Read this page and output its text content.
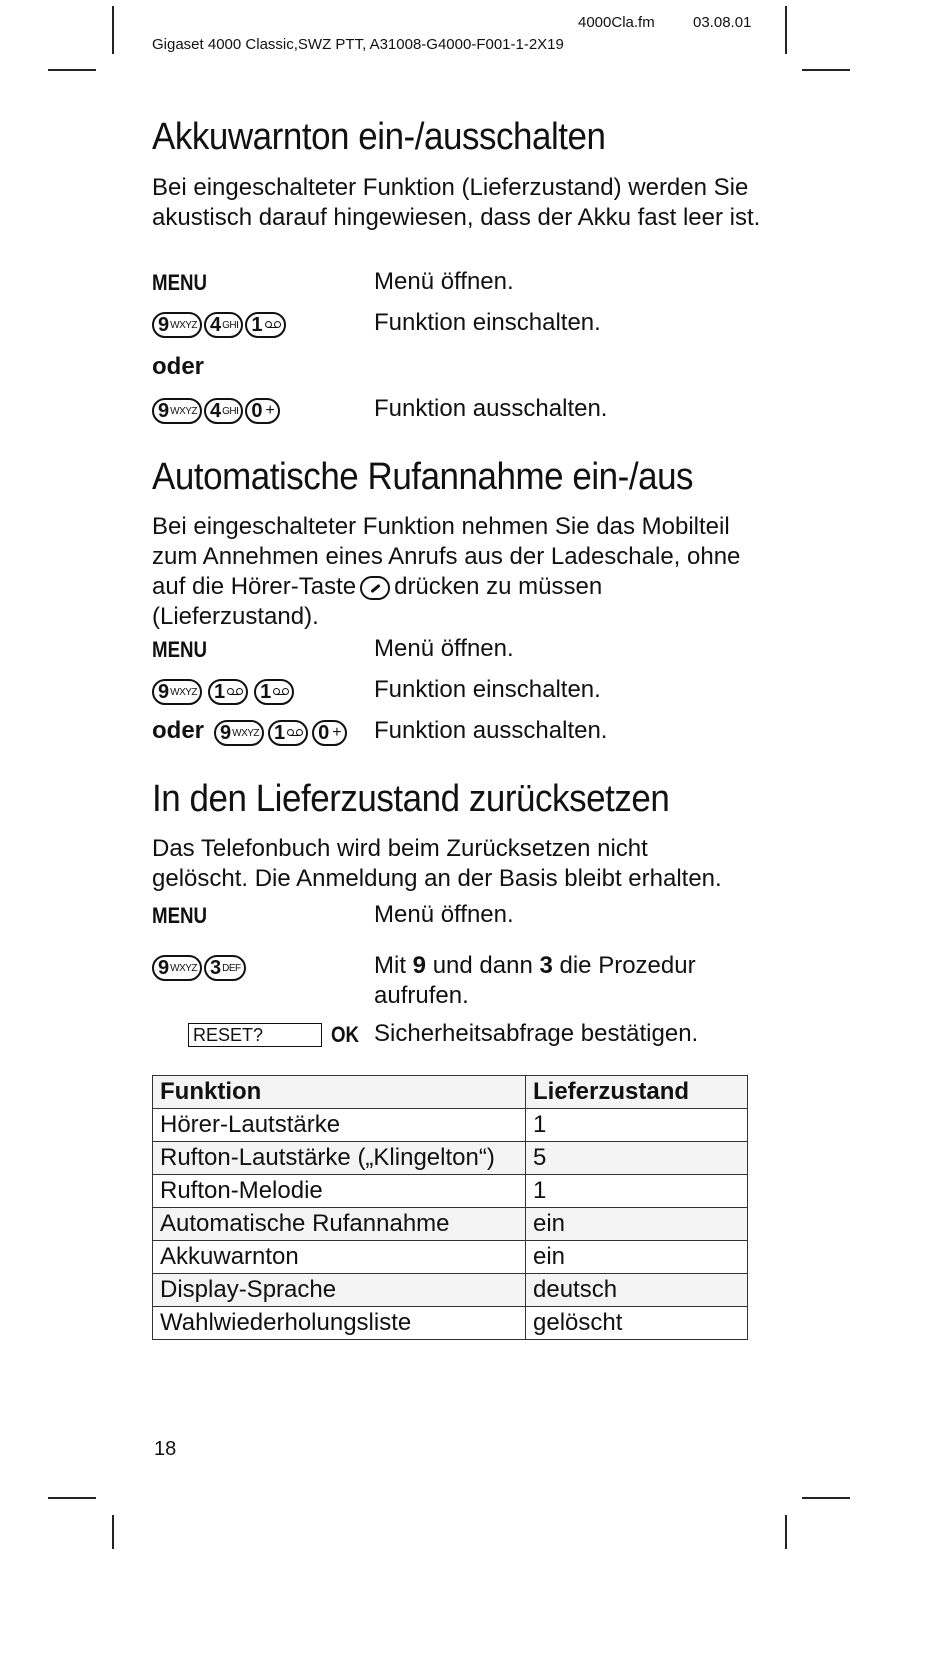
4000Cla.fm	03.08.01
Gigaset 4000 Classic,SWZ PTT, A31008-G4000-F001-1-2X19
Akkuwarnton ein-/ausschalten
Bei eingeschalteter Funktion (Lieferzustand) werden Sie akustisch darauf hingewiesen, dass der Akku fast leer ist.
MENU	Menü öffnen.
9 WXYZ 4 GHI 1	Funktion einschalten.
oder
9 WXYZ 4 GHI 0 +	Funktion ausschalten.
Automatische Rufannahme ein-/aus
Bei eingeschalteter Funktion nehmen Sie das Mobilteil zum Annehmen eines Anrufs aus der Ladeschale, ohne auf die Hörer-Taste drücken zu müssen (Lieferzustand).
MENU	Menü öffnen.
9 WXYZ 1 1	Funktion einschalten.
oder 9 WXYZ 1 0 + Funktion ausschalten.
In den Lieferzustand zurücksetzen
Das Telefonbuch wird beim Zurücksetzen nicht gelöscht. Die Anmeldung an der Basis bleibt erhalten.
MENU	Menü öffnen.
9 WXYZ 3 DEF	Mit 9 und dann 3 die Prozedur aufrufen.
RESET?	OK Sicherheitsabfrage bestätigen.
Funktion	Lieferzustand
Hörer-Lautstärke	1
Rufton-Lautstärke („Klingelton“)	5
Rufton-Melodie	1
Automatische Rufannahme	ein
Akkuwarnton	ein
Display-Sprache	deutsch
Wahlwiederholungsliste	gelöscht
18
